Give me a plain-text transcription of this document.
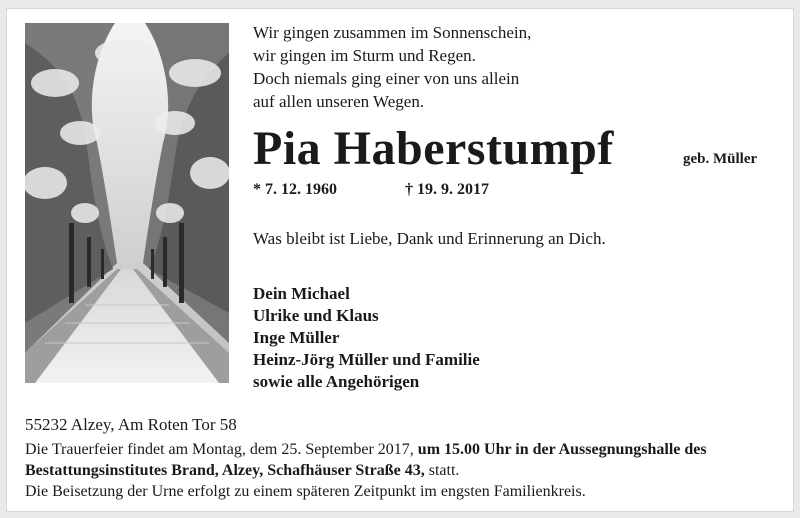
Wir gingen zusammen im Sonnenschein,
wir gingen im Sturm und Regen.
Doch niemals ging einer von uns allein
auf allen unseren Wegen.
Pia Haberstumpf	geb. Müller
* 7. 12. 1960	† 19. 9. 2017
Was bleibt ist Liebe, Dank und Erinnerung an Dich.
Dein Michael
Ulrike und Klaus
Inge Müller
Heinz-Jörg Müller und Familie
sowie alle Angehörigen
55232 Alzey, Am Roten Tor 58
Die Trauerfeier findet am Montag, dem 25. September 2017, um 15.00 Uhr in der Aussegnungshalle des
Bestattungsinstitutes Brand, Alzey, Schafhäuser Straße 43, statt.
Die Beisetzung der Urne erfolgt zu einem späteren Zeitpunkt im engsten Familienkreis.
